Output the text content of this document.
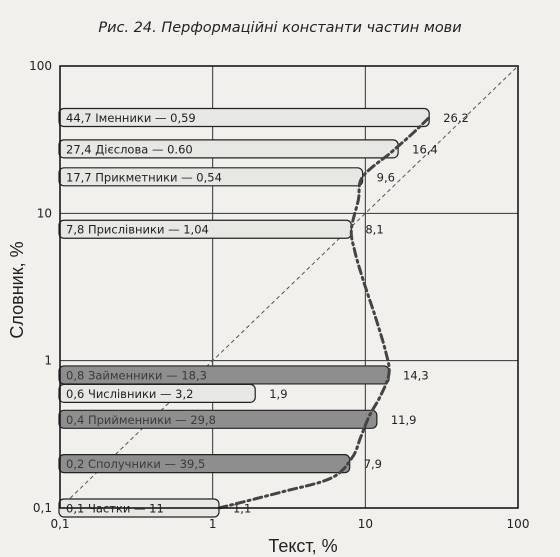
Рис. 24. Перформаційні константи частин мови
44,7 Іменники — 0,59	26.2
27,4 Дієслова — 0.60	16,4
17,7 Прикметники — 0,54	9,6
7,8 Прислівники — 1,04	8,1
0,8 Займенники — 18,3	14,3
0,6 Числівники — 3,2	1,9
0,4 Прийменники — 29,8	11,9
0,2 Сполучники — 39,5	7,9
0,1 Частки — 11	1,1
0,1
0,1
1
1
10
10
100
100
Текст, %
Словник, %
